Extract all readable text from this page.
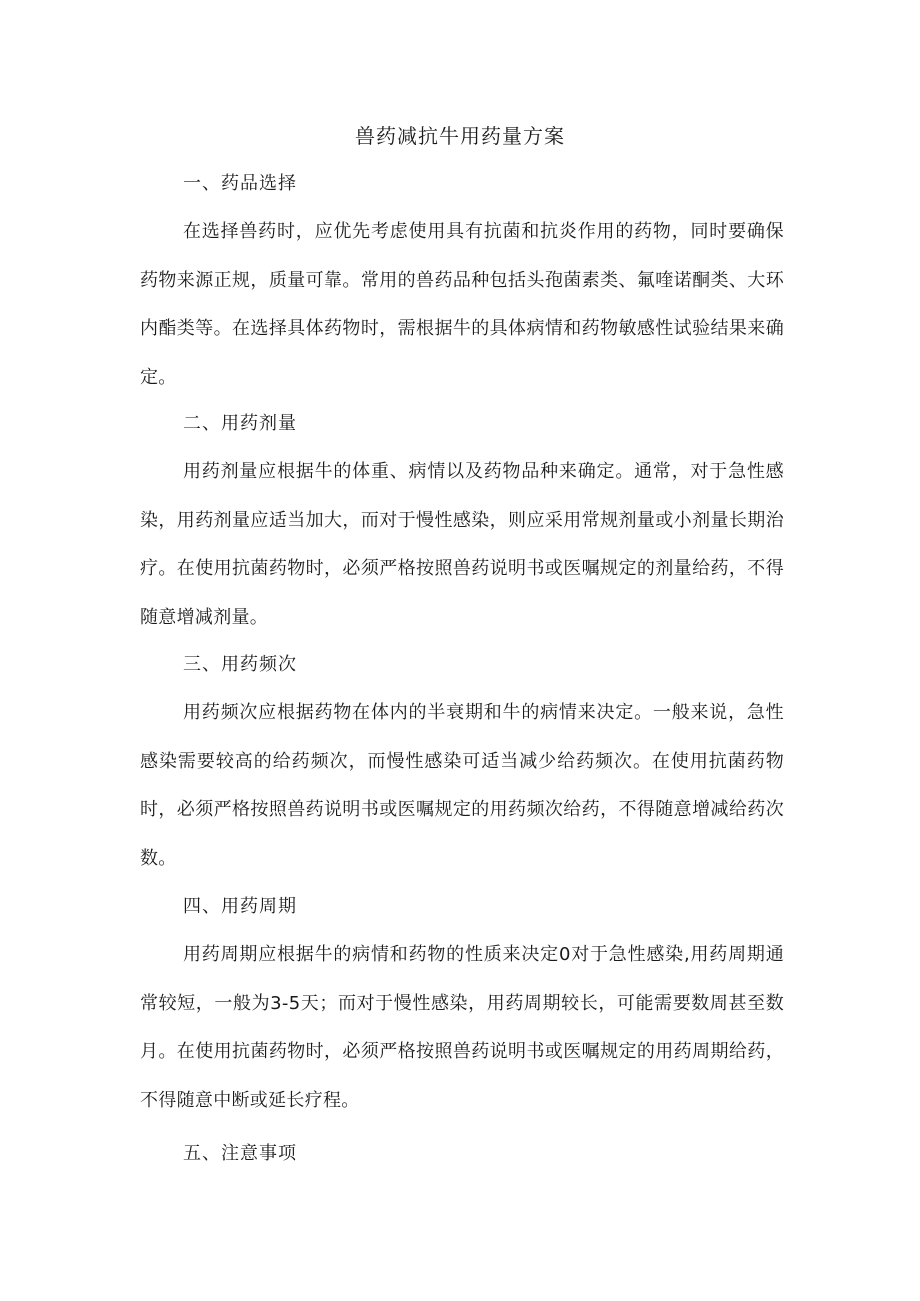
兽药减抗牛用药量方案
一、药品选择

在选择兽药时，应优先考虑使用具有抗菌和抗炎作用的药物，同时要确保药物来源正规，质量可靠。常用的兽药品种包括头孢菌素类、氟喹诺酮类、大环内酯类等。在选择具体药物时，需根据牛的具体病情和药物敏感性试验结果来确定。

二、用药剂量

用药剂量应根据牛的体重、病情以及药物品种来确定。通常，对于急性感染，用药剂量应适当加大，而对于慢性感染，则应采用常规剂量或小剂量长期治疗。在使用抗菌药物时，必须严格按照兽药说明书或医嘱规定的剂量给药，不得随意增减剂量。

三、用药频次

用药频次应根据药物在体内的半衰期和牛的病情来决定。一般来说，急性感染需要较高的给药频次，而慢性感染可适当减少给药频次。在使用抗菌药物时，必须严格按照兽药说明书或医嘱规定的用药频次给药，不得随意增减给药次数。

四、用药周期

用药周期应根据牛的病情和药物的性质来决定0对于急性感染,用药周期通常较短，一般为3-5天；而对于慢性感染，用药周期较长，可能需要数周甚至数月。在使用抗菌药物时，必须严格按照兽药说明书或医嘱规定的用药周期给药，不得随意中断或延长疗程。

五、注意事项
